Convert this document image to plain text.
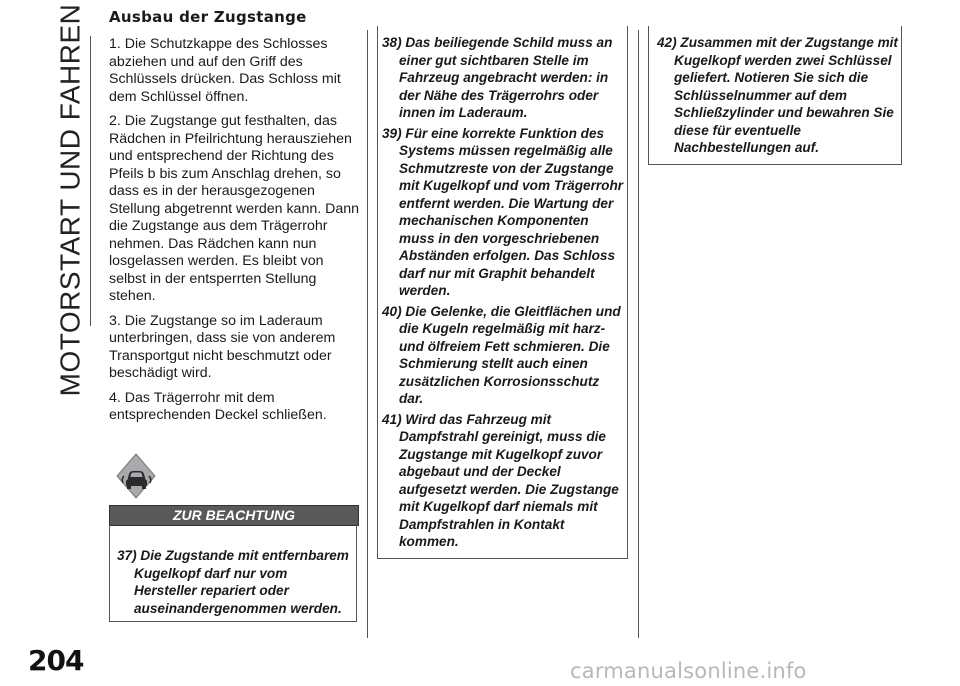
MOTORSTART UND FAHREN Ausbau der Zugstange

1. Die Schutzkappe des Schlosses abziehen und auf den Griff des Schlüssels drücken. Das Schloss mit dem Schlüssel öffnen.

2. Die Zugstange gut festhalten, das Rädchen in Pfeilrichtung herausziehen und entsprechend der Richtung des Pfeils b bis zum Anschlag drehen, so dass es in der herausgezogenen Stellung abgetrennt werden kann. Dann die Zugstange aus dem Trägerrohr nehmen. Das Rädchen kann nun losgelassen werden. Es bleibt von selbst in der entsperrten Stellung stehen.

3. Die Zugstange so im Laderaum unterbringen, dass sie von anderem Transportgut nicht beschmutzt oder beschädigt wird.

4. Das Trägerrohr mit dem entsprechenden Deckel schließen.

ZUR BEACHTUNG
37) Die Zugstande mit entfernbarem Kugelkopf darf nur vom Hersteller repariert oder auseinandergenommen werden.
38) Das beiliegende Schild muss an einer gut sichtbaren Stelle im Fahrzeug angebracht werden: in der Nähe des Trägerrohrs oder innen im Laderaum.
39) Für eine korrekte Funktion des Systems müssen regelmäßig alle Schmutzreste von der Zugstange mit Kugelkopf und vom Trägerrohr entfernt werden. Die Wartung der mechanischen Komponenten muss in den vorgeschriebenen Abständen erfolgen. Das Schloss darf nur mit Graphit behandelt werden.
40) Die Gelenke, die Gleitflächen und die Kugeln regelmäßig mit harz- und ölfreiem Fett schmieren. Die Schmierung stellt auch einen zusätzlichen Korrosionsschutz dar.
41) Wird das Fahrzeug mit Dampfstrahl gereinigt, muss die Zugstange mit Kugelkopf zuvor abgebaut und der Deckel aufgesetzt werden. Die Zugstange mit Kugelkopf darf niemals mit Dampfstrahlen in Kontakt kommen.
42) Zusammen mit der Zugstange mit Kugelkopf werden zwei Schlüssel geliefert. Notieren Sie sich die Schlüsselnummer auf dem Schließzylinder und bewahren Sie diese für eventuelle Nachbestellungen auf.
204	carmanualsonline.info
